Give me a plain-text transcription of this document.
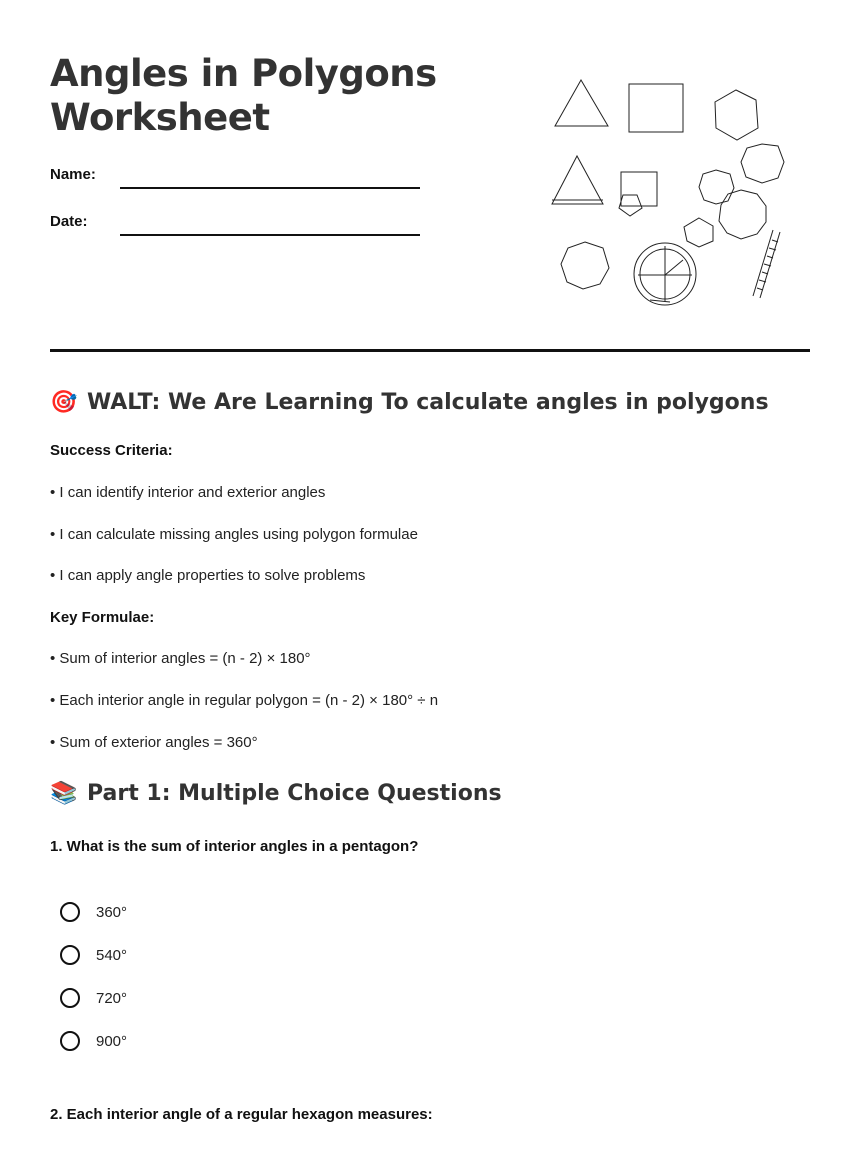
Angles in Polygons
Worksheet
Name:
Date:
🎯 WALT: We Are Learning To calculate angles in polygons
Success Criteria:
• I can identify interior and exterior angles
• I can calculate missing angles using polygon formulae
• I can apply angle properties to solve problems
Key Formulae:
• Sum of interior angles = (n - 2) × 180°
• Each interior angle in regular polygon = (n - 2) × 180° ÷ n
• Sum of exterior angles = 360°
📚 Part 1: Multiple Choice Questions
1. What is the sum of interior angles in a pentagon?
360°
540°
720°
900°
2. Each interior angle of a regular hexagon measures:
